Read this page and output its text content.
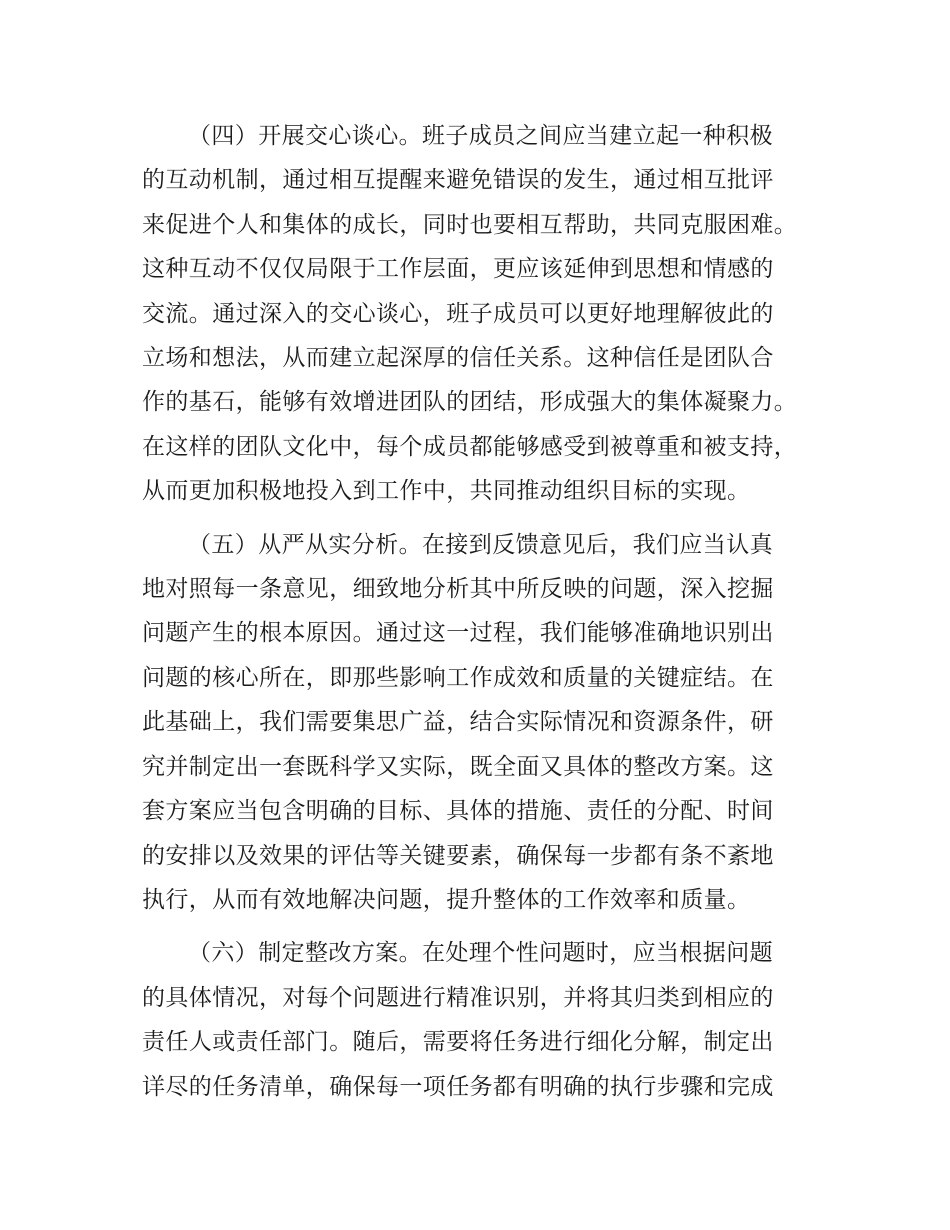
（四）开展交心谈心。班子成员之间应当建立起一种积极
的互动机制，通过相互提醒来避免错误的发生，通过相互批评
来促进个人和集体的成长，同时也要相互帮助，共同克服困难。
这种互动不仅仅局限于工作层面，更应该延伸到思想和情感的
交流。通过深入的交心谈心，班子成员可以更好地理解彼此的
立场和想法，从而建立起深厚的信任关系。这种信任是团队合
作的基石，能够有效增进团队的团结，形成强大的集体凝聚力。
在这样的团队文化中，每个成员都能够感受到被尊重和被支持，
从而更加积极地投入到工作中，共同推动组织目标的实现。
（五）从严从实分析。在接到反馈意见后，我们应当认真
地对照每一条意见，细致地分析其中所反映的问题，深入挖掘
问题产生的根本原因。通过这一过程，我们能够准确地识别出
问题的核心所在，即那些影响工作成效和质量的关键症结。在
此基础上，我们需要集思广益，结合实际情况和资源条件，研
究并制定出一套既科学又实际，既全面又具体的整改方案。这
套方案应当包含明确的目标、具体的措施、责任的分配、时间
的安排以及效果的评估等关键要素，确保每一步都有条不紊地
执行，从而有效地解决问题，提升整体的工作效率和质量。
（六）制定整改方案。在处理个性问题时，应当根据问题
的具体情况，对每个问题进行精准识别，并将其归类到相应的
责任人或责任部门。随后，需要将任务进行细化分解，制定出
详尽的任务清单，确保每一项任务都有明确的执行步骤和完成
